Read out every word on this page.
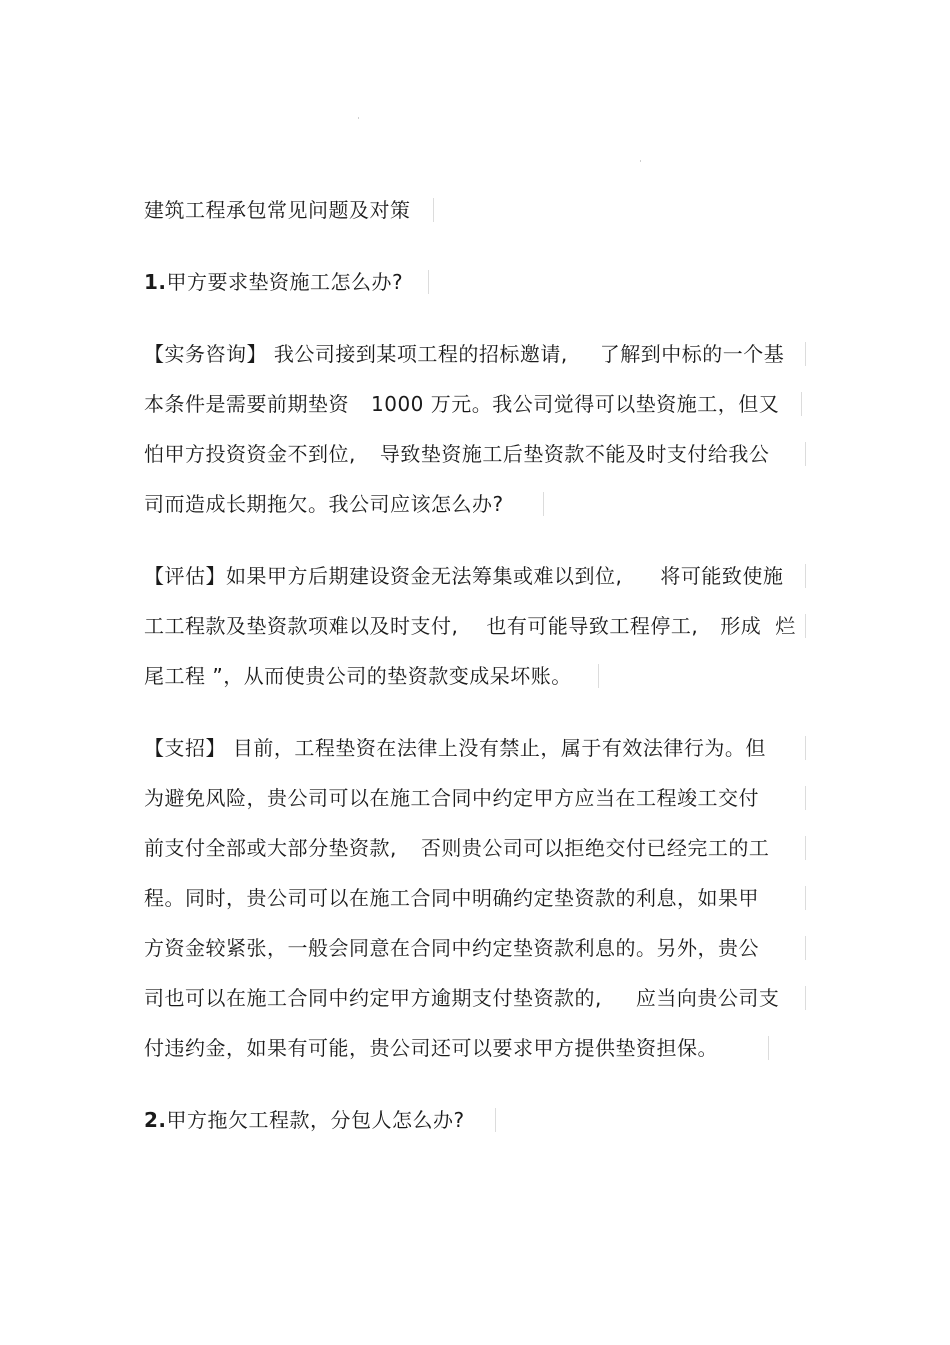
建筑工程承包常见问题及对策
1.甲方要求垫资施工怎么办?
【实务咨询】 我公司接到某项工程的招标邀请, 了解到中标的一个基
本条件是需要前期垫资 1000 万元。我公司觉得可以垫资施工，但又
怕甲方投资资金不到位, 导致垫资施工后垫资款不能及时支付给我公
司而造成长期拖欠。我公司应该怎么办?
【评估】如果甲方后期建设资金无法筹集或难以到位, 将可能致使施
工工程款及垫资款项难以及时支付, 也有可能导致工程停工, 形成 烂
尾工程 ”，从而使贵公司的垫资款变成呆坏账。
【支招】 目前，工程垫资在法律上没有禁止，属于有效法律行为。但
为避免风险，贵公司可以在施工合同中约定甲方应当在工程竣工交付
前支付全部或大部分垫资款, 否则贵公司可以拒绝交付已经完工的工
程。同时，贵公司可以在施工合同中明确约定垫资款的利息，如果甲
方资金较紧张，一般会同意在合同中约定垫资款利息的。另外，贵公
司也可以在施工合同中约定甲方逾期支付垫资款的, 应当向贵公司支
付违约金，如果有可能，贵公司还可以要求甲方提供垫资担保。
2.甲方拖欠工程款，分包人怎么办?
